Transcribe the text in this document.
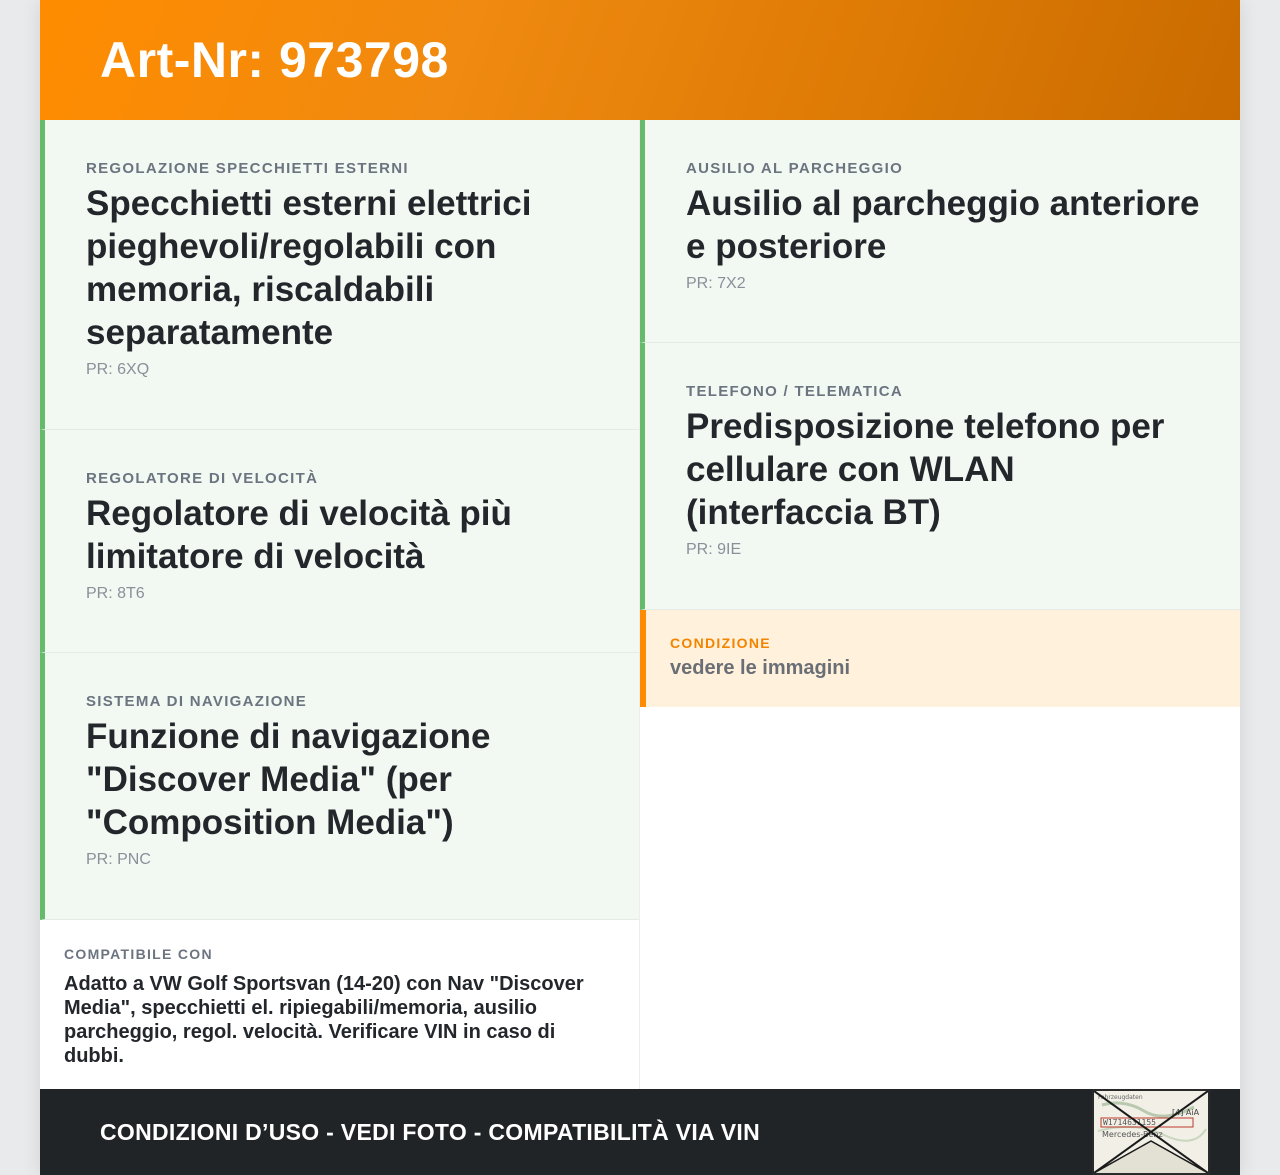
Art-Nr: 973798
REGOLAZIONE SPECCHIETTI ESTERNI
Specchietti esterni elettrici pieghevoli/regolabili con memoria, riscaldabili separatamente
PR: 6XQ
REGOLATORE DI VELOCITÀ
Regolatore di velocità più limitatore di velocità
PR: 8T6
SISTEMA DI NAVIGAZIONE
Funzione di navigazione "Discover Media" (per "Composition Media")
PR: PNC
COMPATIBILE CON
Adatto a VW Golf Sportsvan (14-20) con Nav "Discover Media", specchietti el. ripiegabili/memoria, ausilio parcheggio, regol. velocità. Verificare VIN in caso di dubbi.
AUSILIO AL PARCHEGGIO
Ausilio al parcheggio anteriore e posteriore
PR: 7X2
TELEFONO / TELEMATICA
Predisposizione telefono per cellulare con WLAN (interfaccia BT)
PR: 9IE
CONDIZIONE
vedere le immagini
CONDIZIONI D’USO - VEDI FOTO - COMPATIBILITÀ VIA VIN
Fahrzeugdaten
[4] AiA
W1714631155
Mercedes-Benz
